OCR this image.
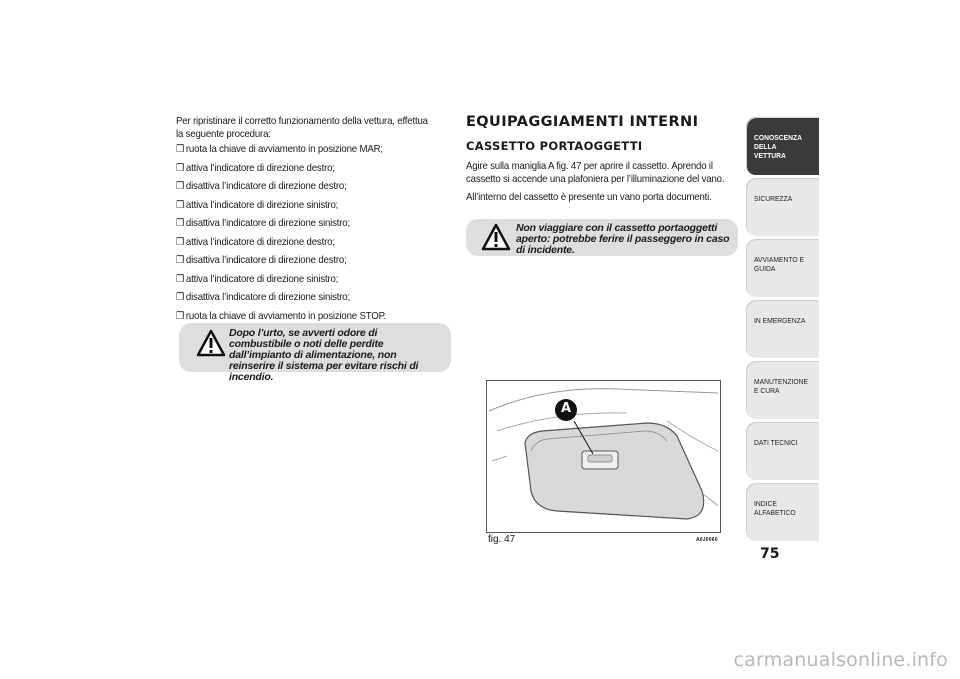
Per ripristinare il corretto funzionamento della vettura, effettua la seguente procedura:

❒ ruota la chiave di avviamento in posizione MAR;
❒ attiva l’indicatore di direzione destro;
❒ disattiva l’indicatore di direzione destro;
❒ attiva l’indicatore di direzione sinistro;
❒ disattiva l’indicatore di direzione sinistro;
❒ attiva l’indicatore di direzione destro;
❒ disattiva l’indicatore di direzione destro;
❒ attiva l’indicatore di direzione sinistro;
❒ disattiva l’indicatore di direzione sinistro;
❒ ruota la chiave di avviamento in posizione STOP.
Dopo l’urto, se avverti odore di combustibile o noti delle perdite dall’impianto di alimentazione, non reinserire il sistema per evitare rischi di incendio.
EQUIPAGGIAMENTI INTERNI
CASSETTO PORTAOGGETTI

Agire sulla maniglia A fig. 47 per aprire il cassetto. Aprendo il cassetto si accende una plafoniera per l’illuminazione del vano.

All’interno del cassetto è presente un vano porta documenti.

Non viaggiare con il cassetto portaoggetti aperto: potrebbe ferire il passeggero in caso di incidente.
A
fig. 47	A0J0060
CONOSCENZA DELLA VETTURA
SICUREZZA
AVVIAMENTO E GUIDA
IN EMERGENZA
MANUTENZIONE E CURA
DATI TECNICI
INDICE ALFABETICO
75
carmanualsonline.info
